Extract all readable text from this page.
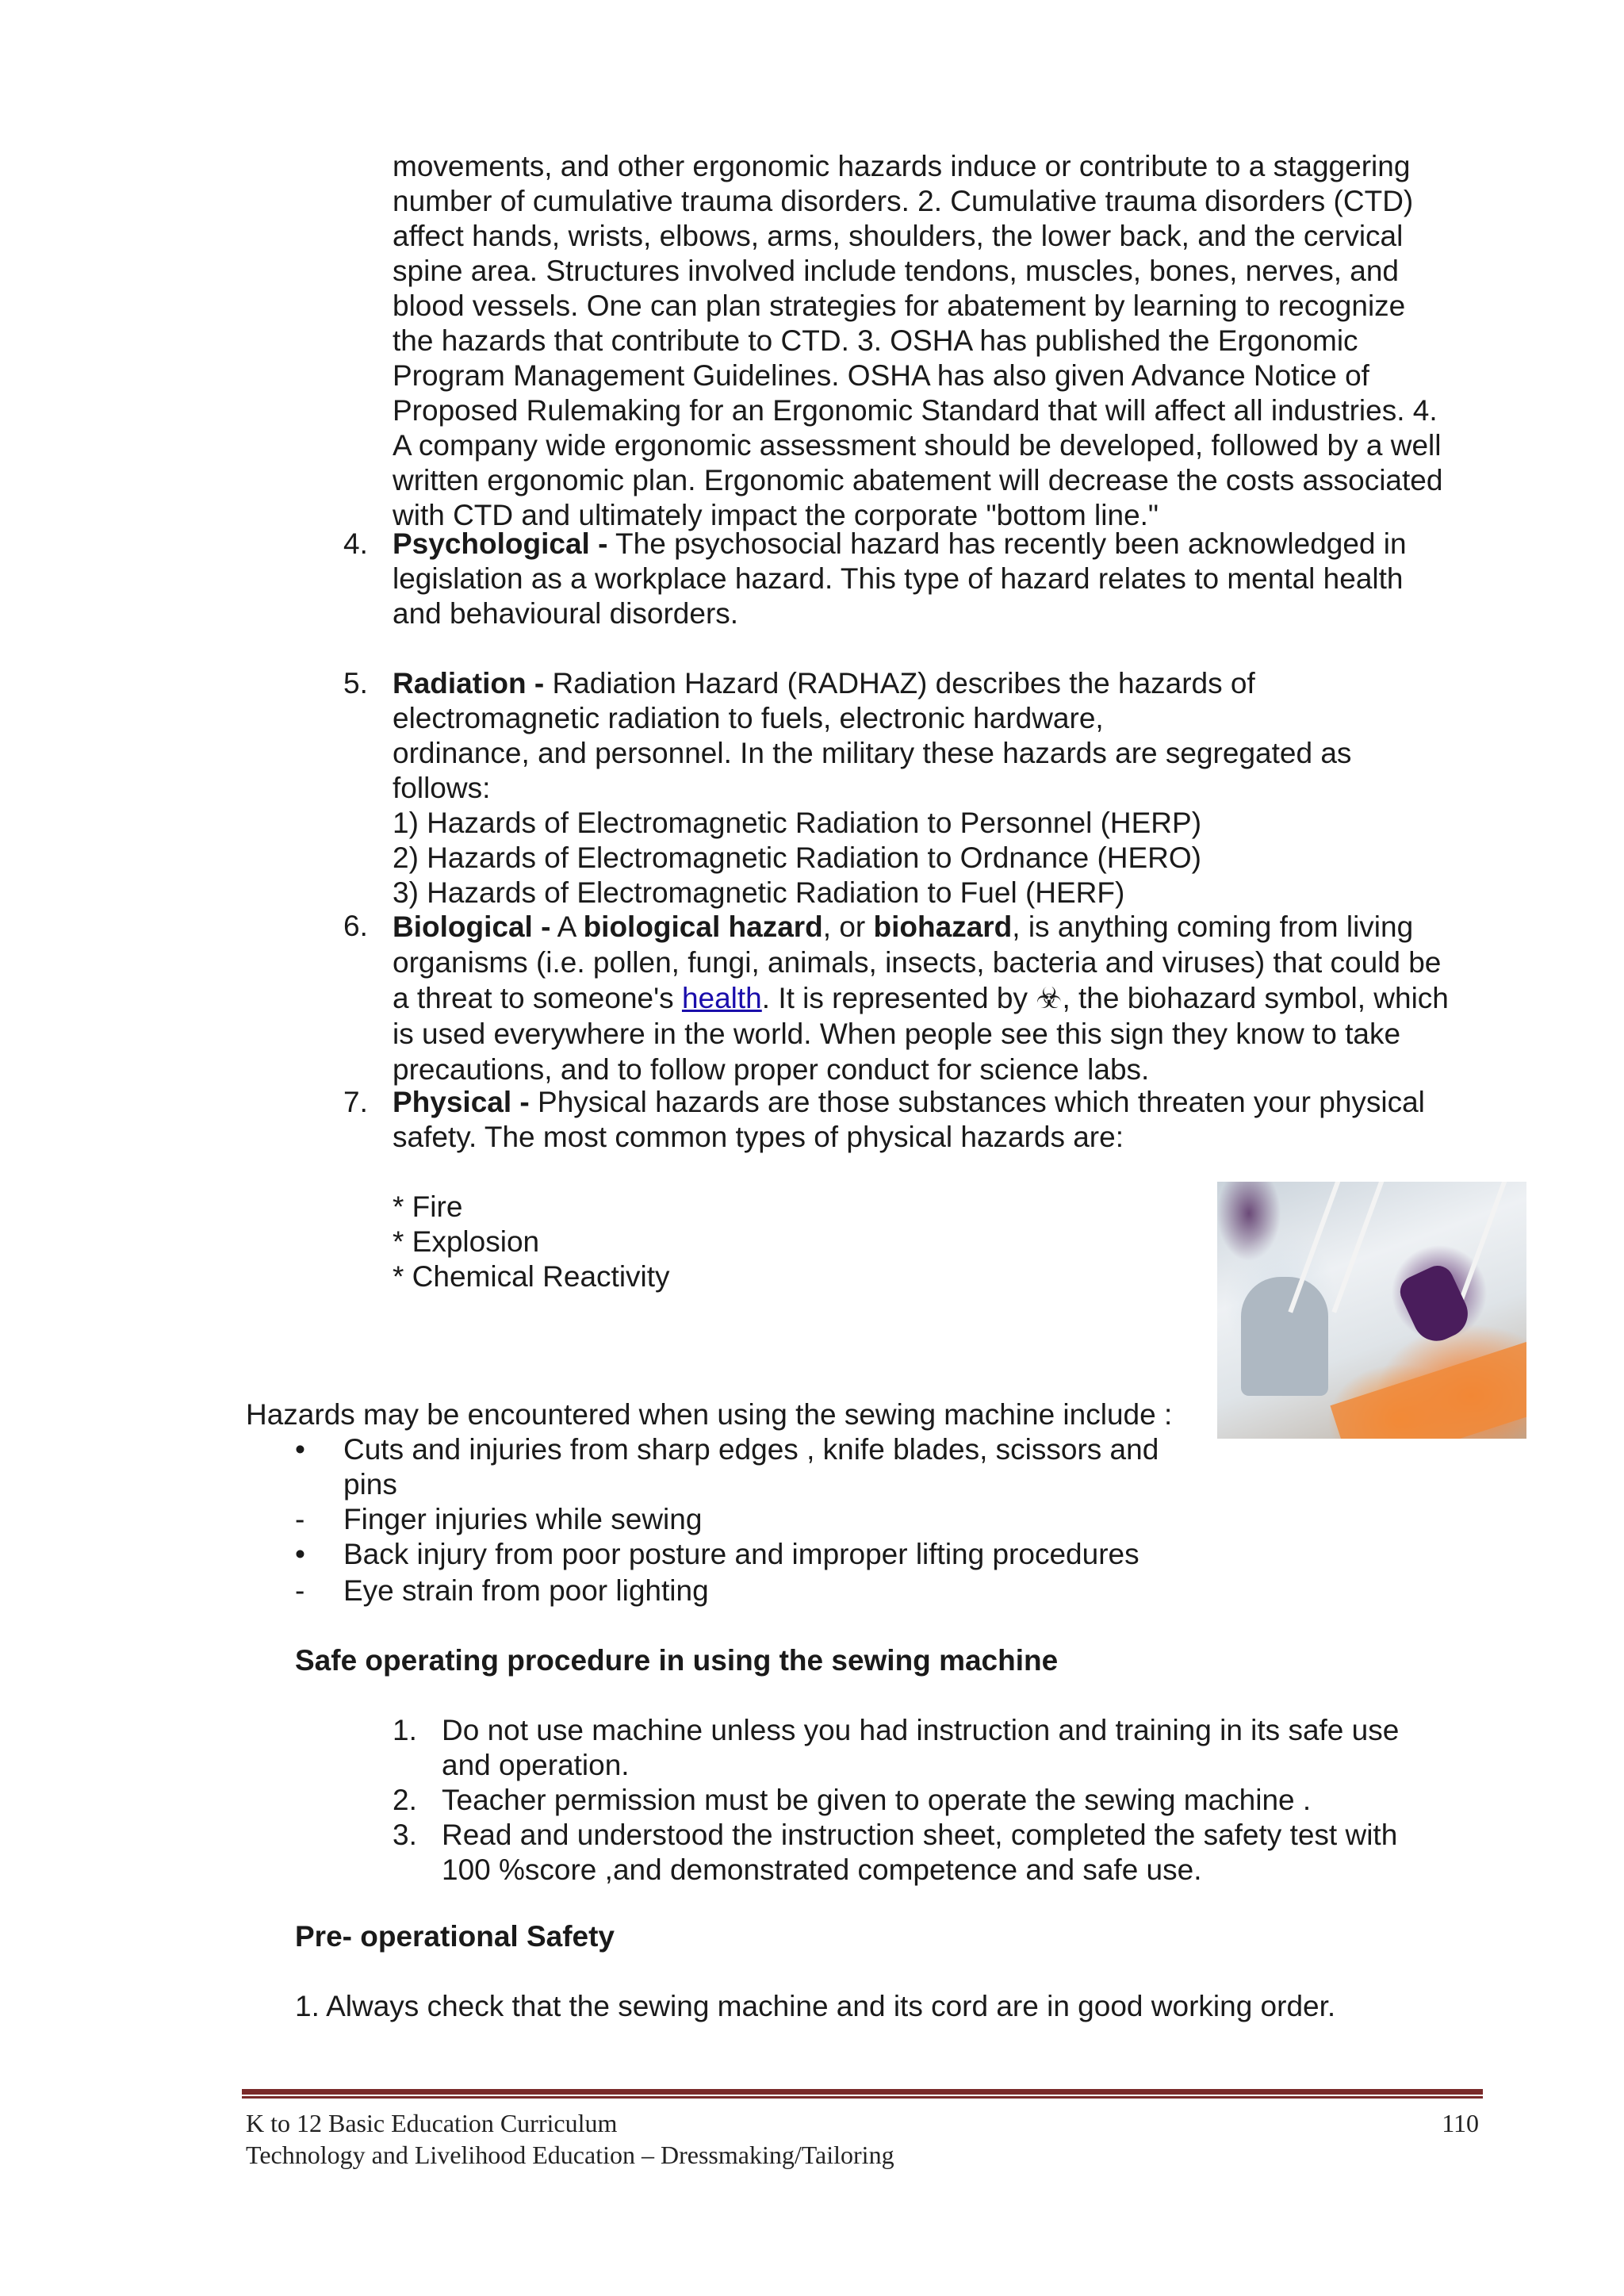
movements, and other ergonomic hazards induce or contribute to a staggering
number of cumulative trauma disorders. 2. Cumulative trauma disorders (CTD)
affect hands, wrists, elbows, arms, shoulders, the lower back, and the cervical
spine area. Structures involved include tendons, muscles, bones, nerves, and
blood vessels. One can plan strategies for abatement by learning to recognize
the hazards that contribute to CTD. 3. OSHA has published the Ergonomic
Program Management Guidelines. OSHA has also given Advance Notice of
Proposed Rulemaking for an Ergonomic Standard that will affect all industries. 4.
A company wide ergonomic assessment should be developed, followed by a well
written ergonomic plan. Ergonomic abatement will decrease the costs associated
with CTD and ultimately impact the corporate "bottom line."
4. Psychological - The psychosocial hazard has recently been acknowledged in
legislation as a workplace hazard. This type of hazard relates to mental health
and behavioural disorders.
5. Radiation - Radiation Hazard (RADHAZ) describes the hazards of
electromagnetic radiation to fuels, electronic hardware,
ordinance, and personnel. In the military these hazards are segregated as
follows:
1) Hazards of Electromagnetic Radiation to Personnel (HERP)
2) Hazards of Electromagnetic Radiation to Ordnance (HERO)
3) Hazards of Electromagnetic Radiation to Fuel (HERF)
6. Biological - A biological hazard, or biohazard, is anything coming from living
organisms (i.e. pollen, fungi, animals, insects, bacteria and viruses) that could be
a threat to someone's health. It is represented by ☣, the biohazard symbol, which
is used everywhere in the world. When people see this sign they know to take
precautions, and to follow proper conduct for science labs.
7. Physical - Physical hazards are those substances which threaten your physical
safety. The most common types of physical hazards are:
* Fire
* Explosion
* Chemical Reactivity
Hazards may be encountered when using the sewing machine include :
• Cuts and injuries from sharp edges , knife blades, scissors and
pins
- Finger injuries while sewing
• Back injury from poor posture and improper lifting procedures
- Eye strain from poor lighting
Safe operating procedure in using the sewing machine
1. Do not use machine unless you had instruction and training in its safe use
and operation.
2. Teacher permission must be given to operate the sewing machine .
3. Read and understood the instruction sheet, completed the safety test with
100 %score ,and demonstrated competence and safe use.
Pre- operational Safety
1. Always check that the sewing machine and its cord are in good working order.
K to 12 Basic Education Curriculum
Technology and Livelihood Education – Dressmaking/Tailoring
110
